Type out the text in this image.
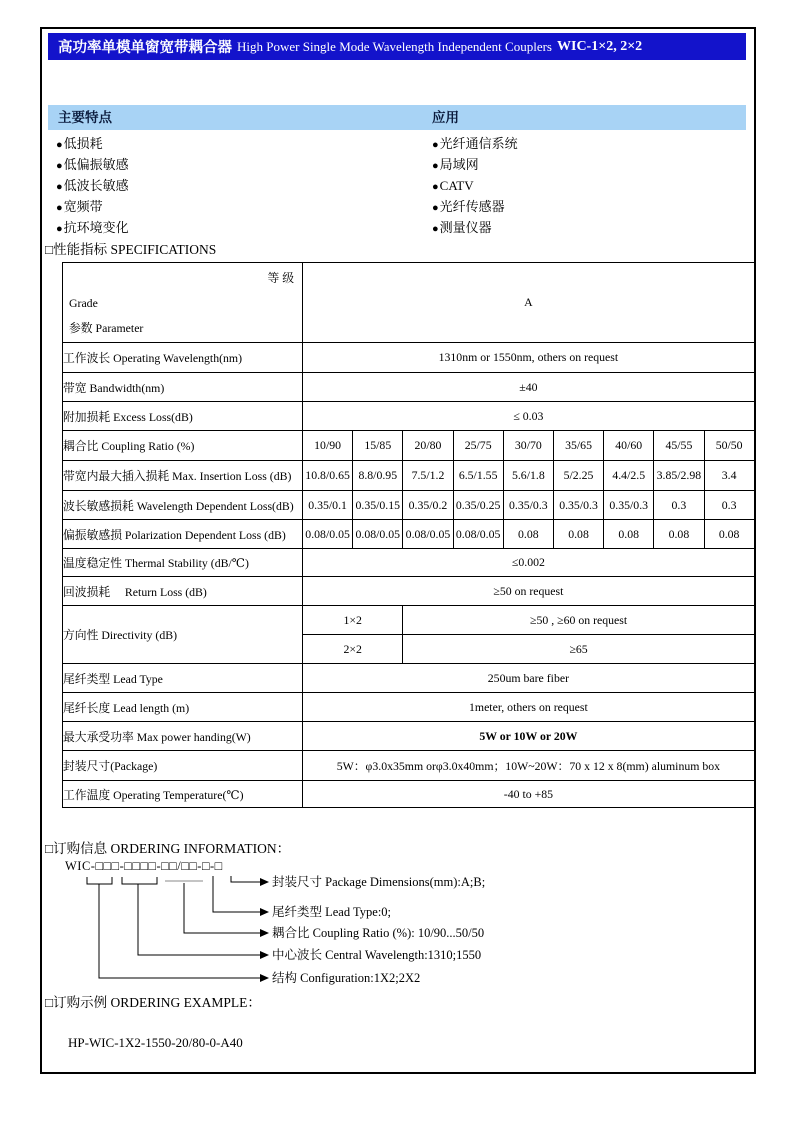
高功率单模单窗宽带耦合器 High Power Single Mode Wavelength Independent Couplers WIC-1×2, 2×2
主要特点	应用
● 低损耗
● 低偏振敏感
● 低波长敏感
● 宽频带
● 抗环境变化
● 光纤通信系统
● 局域网
● CATV
● 光纤传感器
● 测量仪器
□性能指标 SPECIFICATIONS
等 级
Grade
参数 Parameter	A								
工作波长 Operating Wavelength(nm)	1310nm or 1550nm, others on request								
带宽 Bandwidth(nm)	±40								
附加损耗 Excess Loss(dB)	≤ 0.03								
耦合比 Coupling Ratio (%)	10/90	15/85	20/80	25/75	30/70	35/65	40/60	45/55	50/50
带宽内最大插入损耗 Max. Insertion Loss (dB)	10.8/0.65	8.8/0.95	7.5/1.2	6.5/1.55	5.6/1.8	5/2.25	4.4/2.5	3.85/2.98	3.4
波长敏感损耗 Wavelength Dependent Loss(dB)	0.35/0.1	0.35/0.15	0.35/0.2	0.35/0.25	0.35/0.3	0.35/0.3	0.35/0.3	0.3	0.3
偏振敏感损 Polarization Dependent Loss (dB)	0.08/0.05	0.08/0.05	0.08/0.05	0.08/0.05	0.08	0.08	0.08	0.08	0.08
温度稳定性 Thermal Stability (dB/℃)	≤0.002								
回波损耗　 Return Loss (dB)	≥50 on request								
方向性 Directivity (dB)	1×2		≥50 , ≥60 on request						
	2×2		≥65						
尾纤类型 Lead Type	250um bare fiber								
尾纤长度 Lead length (m)	1meter, others on request								
最大承受功率 Max power handing(W)	5W or 10W or 20W								
封装尺寸(Package)	5W：φ3.0x35mm orφ3.0x40mm；10W~20W：70 x 12 x 8(mm) aluminum box								
工作温度 Operating Temperature(℃)	-40 to +85								
□订购信息 ORDERING INFORMATION：
WIC-□□□-□□□□-□□/□□-□-□
封装尺寸 Package Dimensions(mm):A;B;
尾纤类型 Lead Type:0;
耦合比 Coupling Ratio (%): 10/90...50/50
中心波长 Central Wavelength:1310;1550
结构 Configuration:1X2;2X2
□订购示例 ORDERING EXAMPLE：
HP-WIC-1X2-1550-20/80-0-A40
